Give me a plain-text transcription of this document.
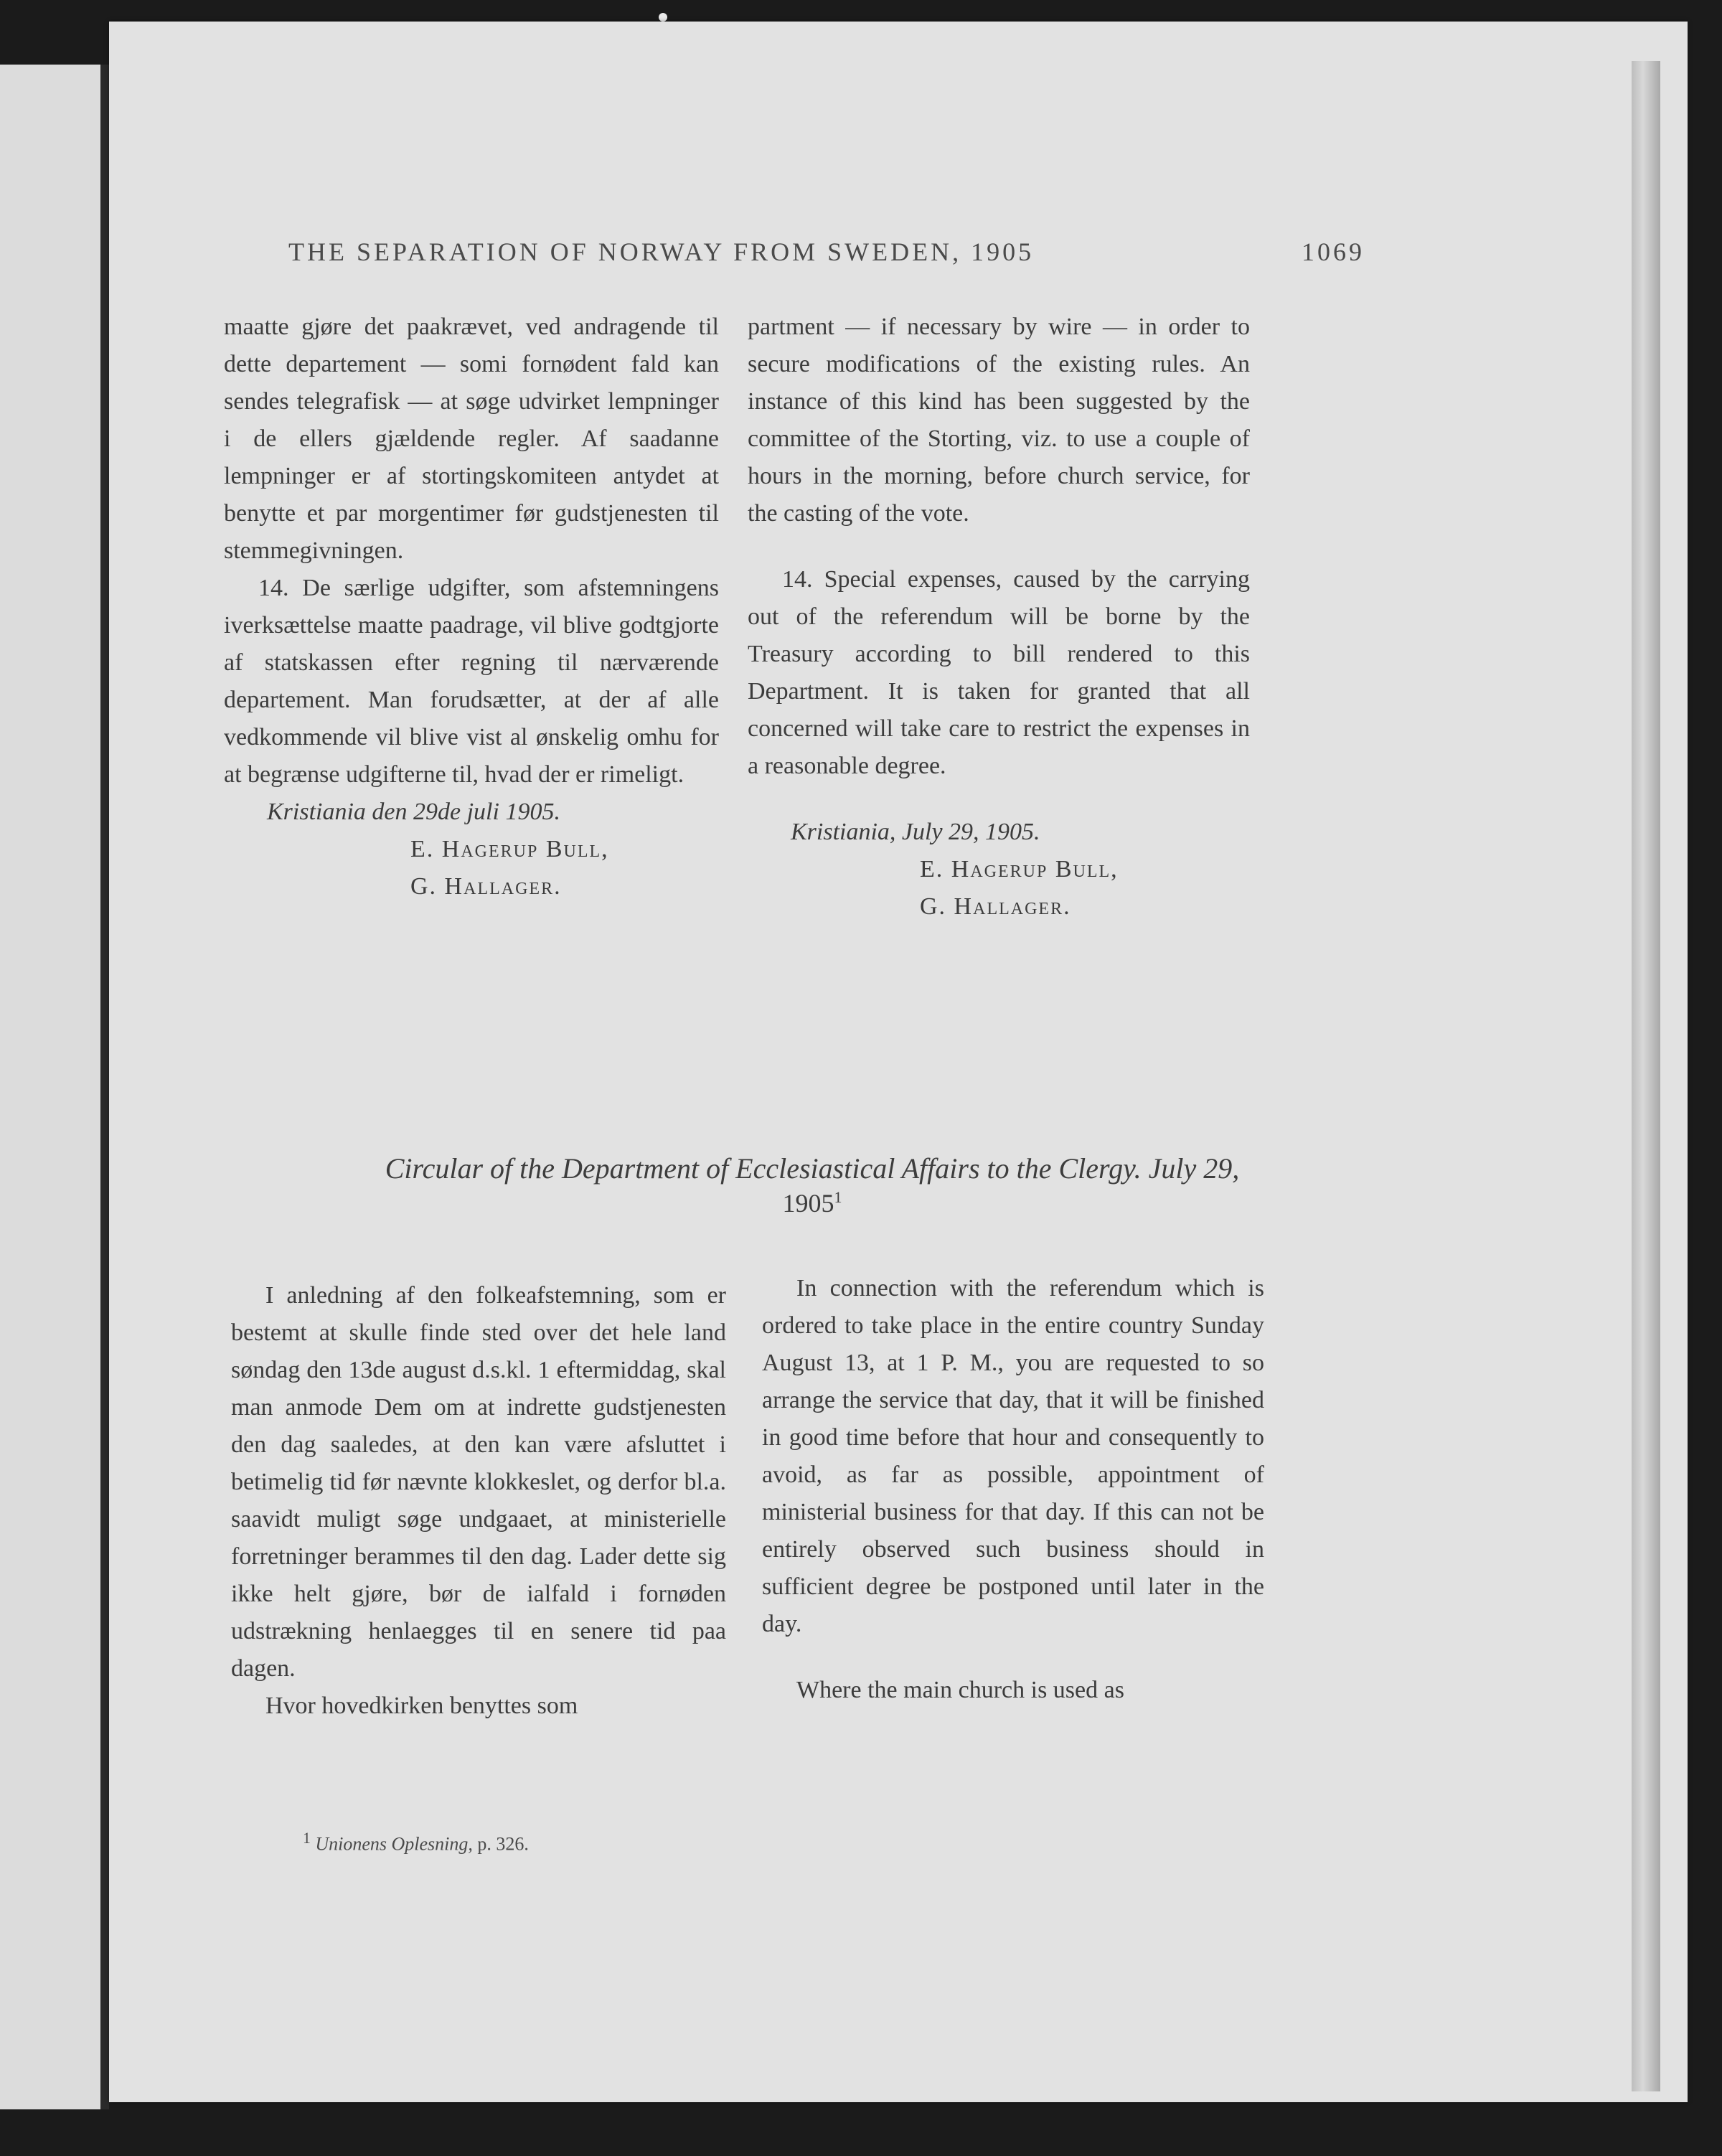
THE SEPARATION OF NORWAY FROM SWEDEN, 1905	1069

maatte gjøre det paakrævet, ved andragende til dette departement — somi fornødent fald kan sendes telegrafisk — at søge udvirket lempninger i de ellers gjældende regler. Af saadanne lempninger er af stortingskomiteen antydet at benytte et par morgentimer før gudstjenesten til stemmegivningen.

14. De særlige udgifter, som afstemningens iverksættelse maatte paadrage, vil blive godtgjorte af statskassen efter regning til nærværende departement. Man forudsætter, at der af alle vedkommende vil blive vist al ønskelig omhu for at begrænse udgifterne til, hvad der er rimeligt.

Kristiania den 29de juli 1905.

E. Hagerup Bull,

G. Hallager.

partment — if necessary by wire — in order to secure modifications of the existing rules. An instance of this kind has been suggested by the committee of the Storting, viz. to use a couple of hours in the morning, before church service, for the casting of the vote.

14. Special expenses, caused by the carrying out of the referendum will be borne by the Treasury according to bill rendered to this Department. It is taken for granted that all concerned will take care to restrict the expenses in a reasonable degree.

Kristiania, July 29, 1905.

E. Hagerup Bull,

G. Hallager.

Circular of the Department of Ecclesiastical Affairs to the Clergy. July 29,
1905$^1$

I anledning af den folkeafstemning, som er bestemt at skulle finde sted over det hele land søndag den 13de august d.s.kl. 1 eftermiddag, skal man anmode Dem om at indrette gudstjenesten den dag saaledes, at den kan være afsluttet i betimelig tid før nævnte klokkeslet, og derfor bl.a. saavidt muligt søge undgaaet, at ministerielle forretninger berammes til den dag. Lader dette sig ikke helt gjøre, bør de ialfald i fornøden udstrækning henlaegges til en senere tid paa dagen.

Hvor hovedkirken benyttes som

In connection with the referendum which is ordered to take place in the entire country Sunday August 13, at 1 P. M., you are requested to so arrange the service that day, that it will be finished in good time before that hour and consequently to avoid, as far as possible, appointment of ministerial business for that day. If this can not be entirely observed such business should in sufficient degree be postponed until later in the day.

Where the main church is used as

$^1$ Unionens Oplesning, p. 326.
